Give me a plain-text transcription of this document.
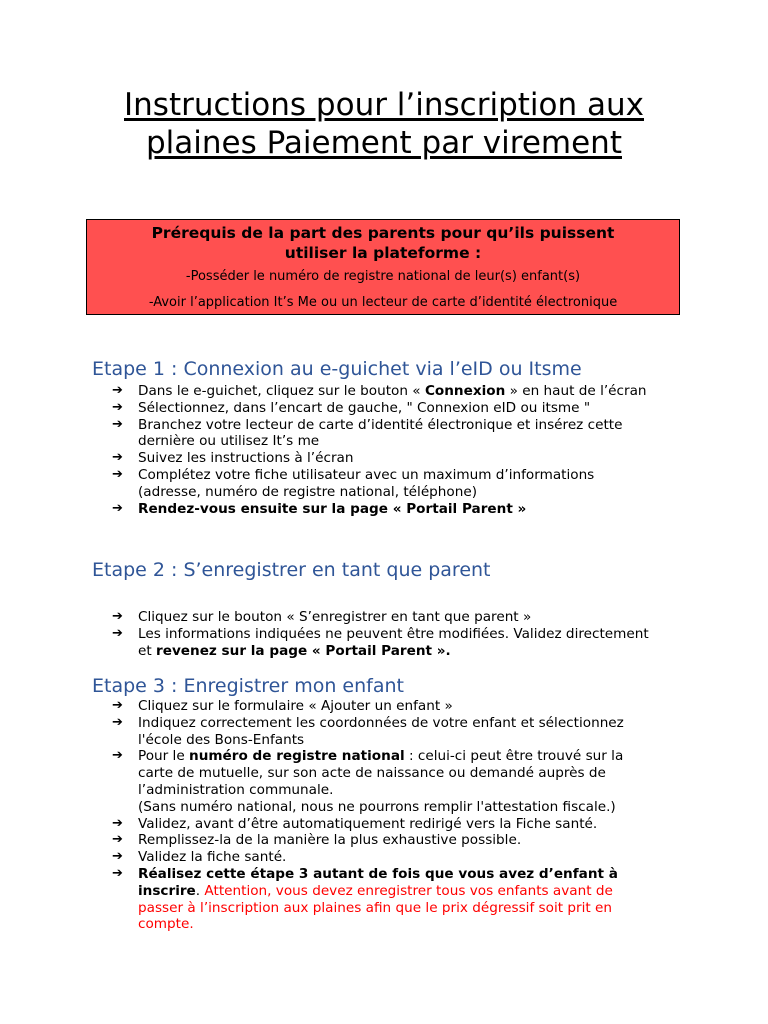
Instructions pour l’inscription aux
plaines Paiement par virement
Prérequis de la part des parents pour qu’ils puissent
utiliser la plateforme :
-Posséder le numéro de registre national de leur(s) enfant(s)
-Avoir l’application It’s Me ou un lecteur de carte d’identité électronique
Etape 1 : Connexion au e-guichet via l’eID ou Itsme
➔ Dans le e-guichet, cliquez sur le bouton « Connexion » en haut de l’écran
➔ Sélectionnez, dans l’encart de gauche, " Connexion eID ou itsme "
➔ Branchez votre lecteur de carte d’identité électronique et insérez cette
dernière ou utilisez It’s me
➔ Suivez les instructions à l’écran
➔ Complétez votre fiche utilisateur avec un maximum d’informations
(adresse, numéro de registre national, téléphone)
➔ Rendez-vous ensuite sur la page « Portail Parent »
Etape 2 : S’enregistrer en tant que parent
➔ Cliquez sur le bouton « S’enregistrer en tant que parent »
➔ Les informations indiquées ne peuvent être modifiées. Validez directement
et revenez sur la page « Portail Parent ».
Etape 3 : Enregistrer mon enfant
➔ Cliquez sur le formulaire « Ajouter un enfant »
➔ Indiquez correctement les coordonnées de votre enfant et sélectionnez
l'école des Bons-Enfants
➔ Pour le numéro de registre national : celui-ci peut être trouvé sur la
carte de mutuelle, sur son acte de naissance ou demandé auprès de
l’administration communale.
(Sans numéro national, nous ne pourrons remplir l'attestation fiscale.)
➔ Validez, avant d’être automatiquement redirigé vers la Fiche santé.
➔ Remplissez-la de la manière la plus exhaustive possible.
➔ Validez la fiche santé.
➔ Réalisez cette étape 3 autant de fois que vous avez d’enfant à
inscrire. Attention, vous devez enregistrer tous vos enfants avant de
passer à l’inscription aux plaines afin que le prix dégressif soit prit en
compte.
